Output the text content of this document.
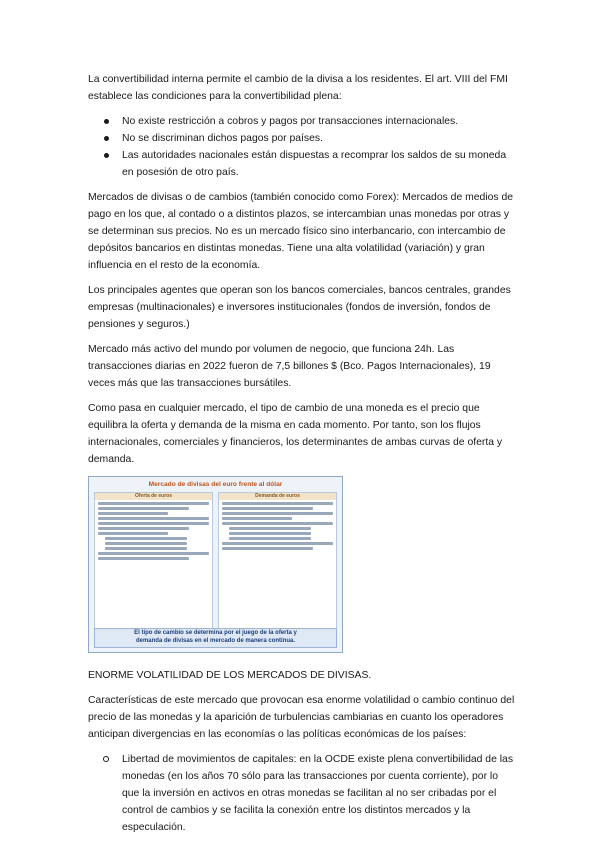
La convertibilidad interna permite el cambio de la divisa a los residentes. El art. VIII del FMI establece las condiciones para la convertibilidad plena:

No existe restricción a cobros y pagos por transacciones internacionales.
No se discriminan dichos pagos por países.
Las autoridades nacionales están dispuestas a recomprar los saldos de su moneda en posesión de otro país.

Mercados de divisas o de cambios (también conocido como Forex): Mercados de medios de pago en los que, al contado o a distintos plazos, se intercambian unas monedas por otras y se determinan sus precios. No es un mercado físico sino interbancario, con intercambio de depósitos bancarios en distintas monedas. Tiene una alta volatilidad (variación) y gran influencia en el resto de la economía.

Los principales agentes que operan son los bancos comerciales, bancos centrales, grandes empresas (multinacionales) e inversores institucionales (fondos de inversión, fondos de pensiones y seguros.)

Mercado más activo del mundo por volumen de negocio, que funciona 24h. Las transacciones diarias en 2022 fueron de 7,5 billones $ (Bco. Pagos Internacionales), 19 veces más que las transacciones bursátiles.

Como pasa en cualquier mercado, el tipo de cambio de una moneda es el precio que equilibra la oferta y demanda de la misma en cada momento. Por tanto, son los flujos internacionales, comerciales y financieros, los determinantes de ambas curvas de oferta y demanda.

Mercado de divisas del euro frente al dólar
Oferta de euros	Demanda de euros
El tipo de cambio se determina por el juego de la oferta y
demanda de divisas en el mercado de manera continua.

ENORME VOLATILIDAD DE LOS MERCADOS DE DIVISAS.

Características de este mercado que provocan esa enorme volatilidad o cambio continuo del precio de las monedas y la aparición de turbulencias cambiarias en cuanto los operadores anticipan divergencias en las economías o las políticas económicas de los países:

Libertad de movimientos de capitales: en la OCDE existe plena convertibilidad de las monedas (en los años 70 sólo para las transacciones por cuenta corriente), por lo que la inversión en activos en otras monedas se facilitan al no ser cribadas por el control de cambios y se facilita la conexión entre los distintos mercados y la especulación.
